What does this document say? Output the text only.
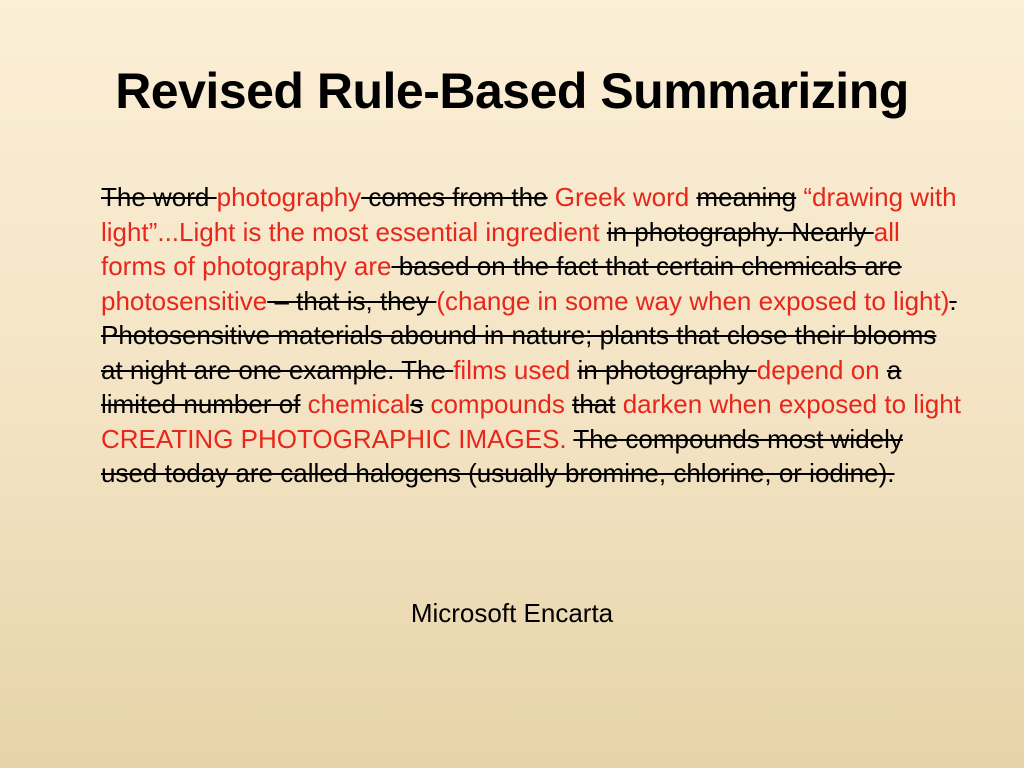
Revised Rule-Based Summarizing
The word photography comes from the Greek word meaning “drawing with light”...Light is the most essential ingredient in photography. Nearly all forms of photography are based on the fact that certain chemicals are photosensitive – that is, they (change in some way when exposed to light). Photosensitive materials abound in nature; plants that close their blooms at night are one example. The films used in photography depend on a limited number of chemicals compounds that darken when exposed to light CREATING PHOTOGRAPHIC IMAGES. The compounds most widely used today are called halogens (usually bromine, chlorine, or iodine).
Microsoft Encarta
